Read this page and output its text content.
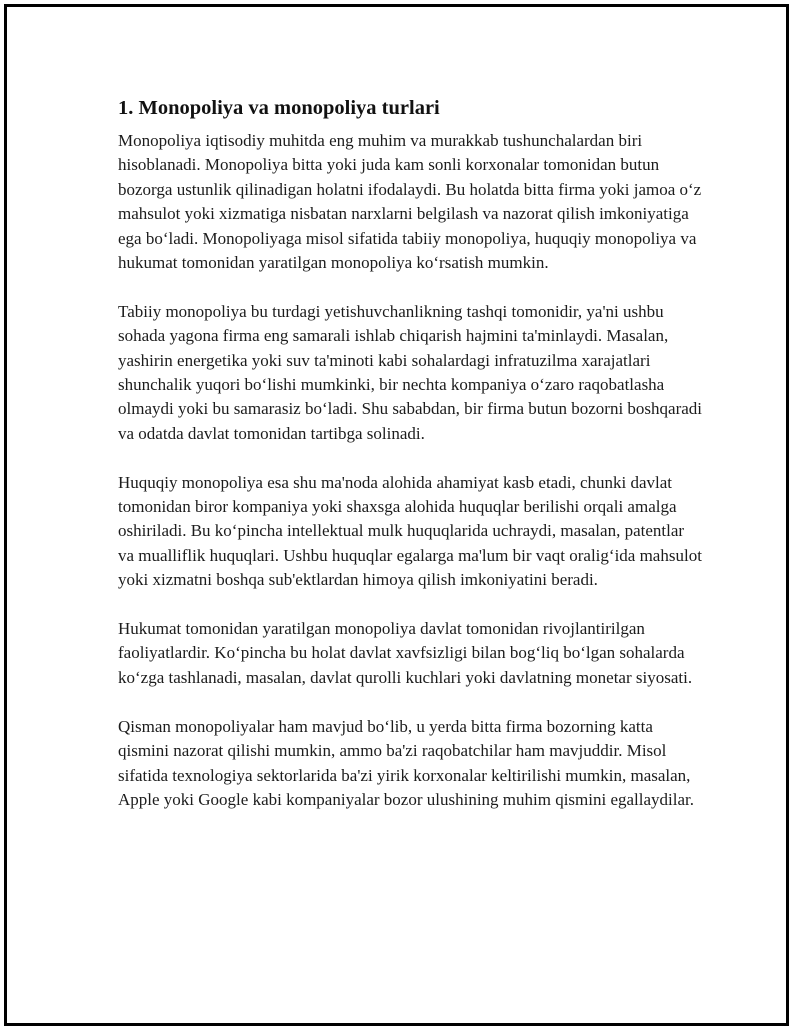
1. Monopoliya va monopoliya turlari

Monopoliya iqtisodiy muhitda eng muhim va murakkab tushunchalardan biri hisoblanadi. Monopoliya bitta yoki juda kam sonli korxonalar tomonidan butun bozorga ustunlik qilinadigan holatni ifodalaydi. Bu holatda bitta firma yoki jamoa o‘z mahsulot yoki xizmatiga nisbatan narxlarni belgilash va nazorat qilish imkoniyatiga ega bo‘ladi. Monopoliyaga misol sifatida tabiiy monopoliya, huquqiy monopoliya va hukumat tomonidan yaratilgan monopoliya ko‘rsatish mumkin.

Tabiiy monopoliya bu turdagi yetishuvchanlikning tashqi tomonidir, ya'ni ushbu sohada yagona firma eng samarali ishlab chiqarish hajmini ta'minlaydi. Masalan, yashirin energetika yoki suv ta'minoti kabi sohalardagi infratuzilma xarajatlari shunchalik yuqori bo‘lishi mumkinki, bir nechta kompaniya o‘zaro raqobatlasha olmaydi yoki bu samarasiz bo‘ladi. Shu sababdan, bir firma butun bozorni boshqaradi va odatda davlat tomonidan tartibga solinadi.

Huquqiy monopoliya esa shu ma'noda alohida ahamiyat kasb etadi, chunki davlat tomonidan biror kompaniya yoki shaxsga alohida huquqlar berilishi orqali amalga oshiriladi. Bu ko‘pincha intellektual mulk huquqlarida uchraydi, masalan, patentlar va mualliflik huquqlari. Ushbu huquqlar egalarga ma'lum bir vaqt oralig‘ida mahsulot yoki xizmatni boshqa sub'ektlardan himoya qilish imkoniyatini beradi.

Hukumat tomonidan yaratilgan monopoliya davlat tomonidan rivojlantirilgan faoliyatlardir. Ko‘pincha bu holat davlat xavfsizligi bilan bog‘liq bo‘lgan sohalarda ko‘zga tashlanadi, masalan, davlat qurolli kuchlari yoki davlatning monetar siyosati.

Qisman monopoliyalar ham mavjud bo‘lib, u yerda bitta firma bozorning katta qismini nazorat qilishi mumkin, ammo ba'zi raqobatchilar ham mavjuddir. Misol sifatida texnologiya sektorlarida ba'zi yirik korxonalar keltirilishi mumkin, masalan, Apple yoki Google kabi kompaniyalar bozor ulushining muhim qismini egallaydilar.
